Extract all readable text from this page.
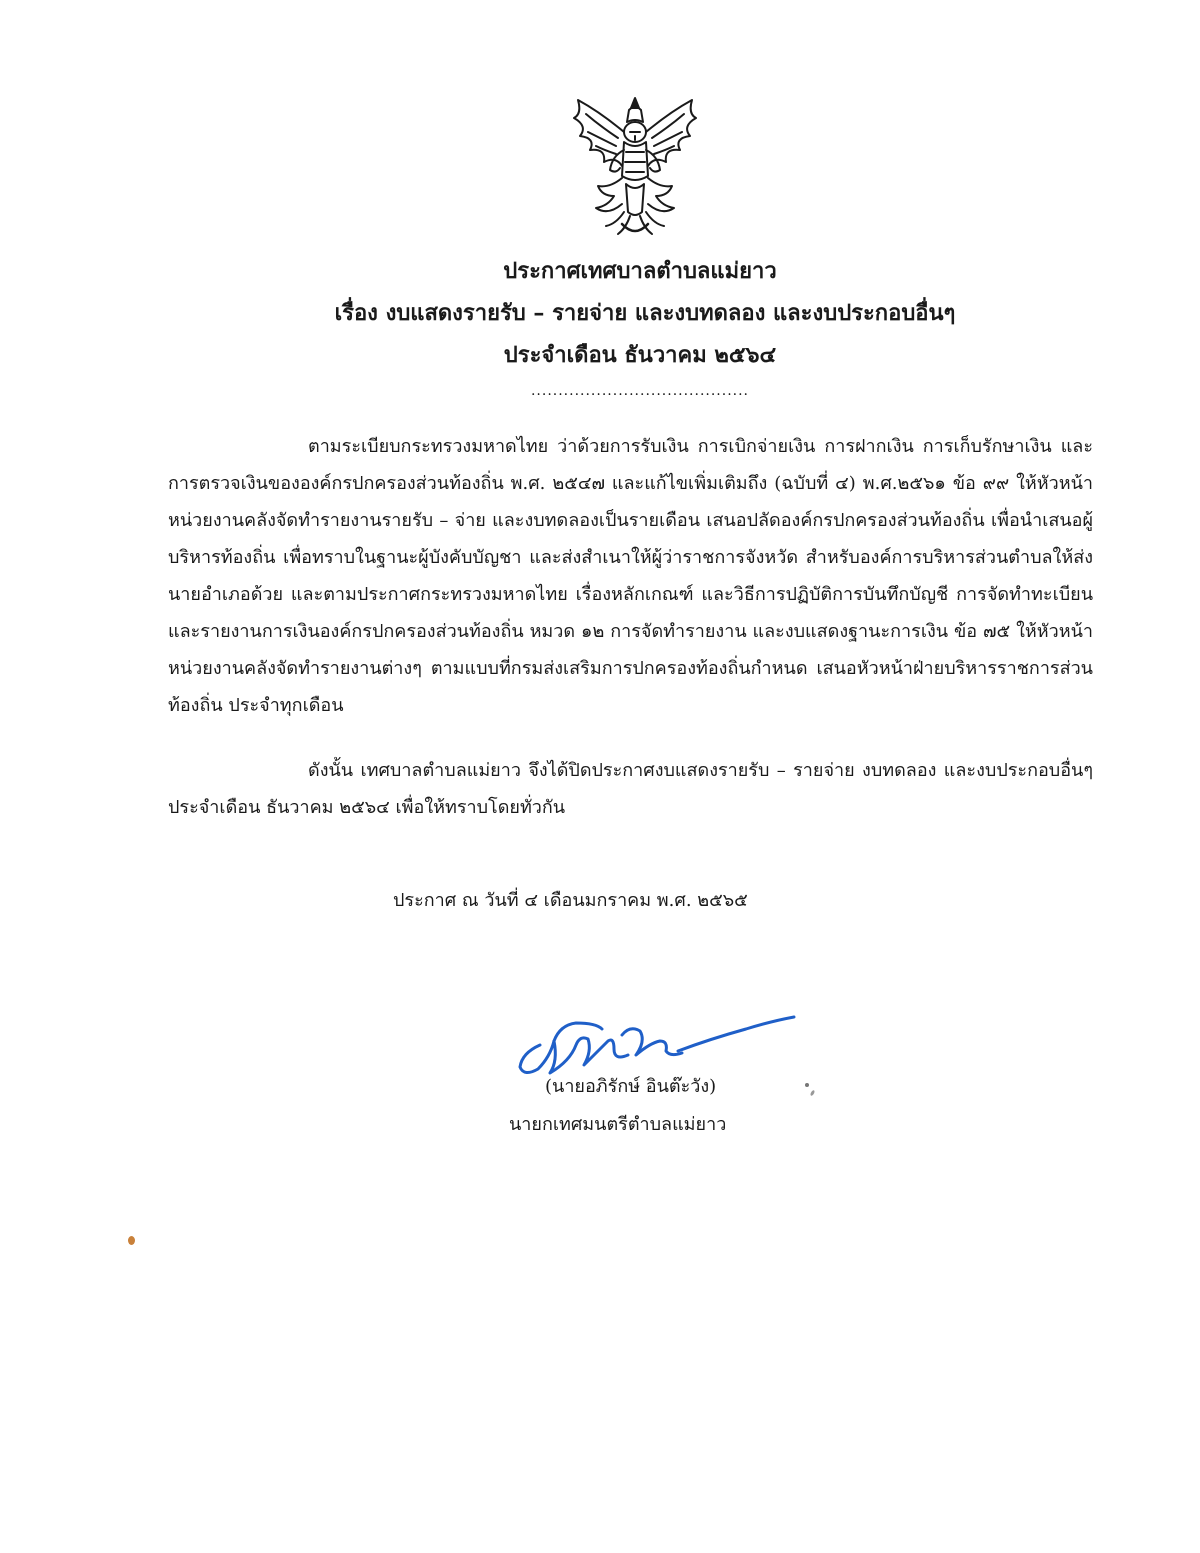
ประกาศเทศบาลตำบลแม่ยาว
เรื่อง งบแสดงรายรับ – รายจ่าย และงบทดลอง และงบประกอบอื่นๆ
ประจำเดือน ธันวาคม ๒๕๖๔
........................................

ตามระเบียบกระทรวงมหาดไทย ว่าด้วยการรับเงิน การเบิกจ่ายเงิน การฝากเงิน การเก็บรักษาเงิน และการตรวจเงินขององค์กรปกครองส่วนท้องถิ่น พ.ศ. ๒๕๔๗ และแก้ไขเพิ่มเติมถึง (ฉบับที่ ๔) พ.ศ.๒๕๖๑ ข้อ ๙๙ ให้หัวหน้าหน่วยงานคลังจัดทำรายงานรายรับ – จ่าย และงบทดลองเป็นรายเดือน เสนอปลัดองค์กรปกครองส่วนท้องถิ่น เพื่อนำเสนอผู้บริหารท้องถิ่น เพื่อทราบในฐานะผู้บังคับบัญชา และส่งสำเนาให้ผู้ว่าราชการจังหวัด สำหรับองค์การบริหารส่วนตำบลให้ส่งนายอำเภอด้วย และตามประกาศกระทรวงมหาดไทย เรื่องหลักเกณฑ์ และวิธีการปฏิบัติการบันทึกบัญชี การจัดทำทะเบียน และรายงานการเงินองค์กรปกครองส่วนท้องถิ่น หมวด ๑๒ การจัดทำรายงาน และงบแสดงฐานะการเงิน ข้อ ๗๕ ให้หัวหน้าหน่วยงานคลังจัดทำรายงานต่างๆ ตามแบบที่กรมส่งเสริมการปกครองท้องถิ่นกำหนด เสนอหัวหน้าฝ่ายบริหารราชการส่วนท้องถิ่น ประจำทุกเดือน

ดังนั้น เทศบาลตำบลแม่ยาว จึงได้ปิดประกาศงบแสดงรายรับ – รายจ่าย งบทดลอง และงบประกอบอื่นๆ ประจำเดือน ธันวาคม ๒๕๖๔ เพื่อให้ทราบโดยทั่วกัน

ประกาศ ณ วันที่ ๔ เดือนมกราคม พ.ศ. ๒๕๖๕
(นายอภิรักษ์ อินต๊ะวัง)
นายกเทศมนตรีตำบลแม่ยาว
